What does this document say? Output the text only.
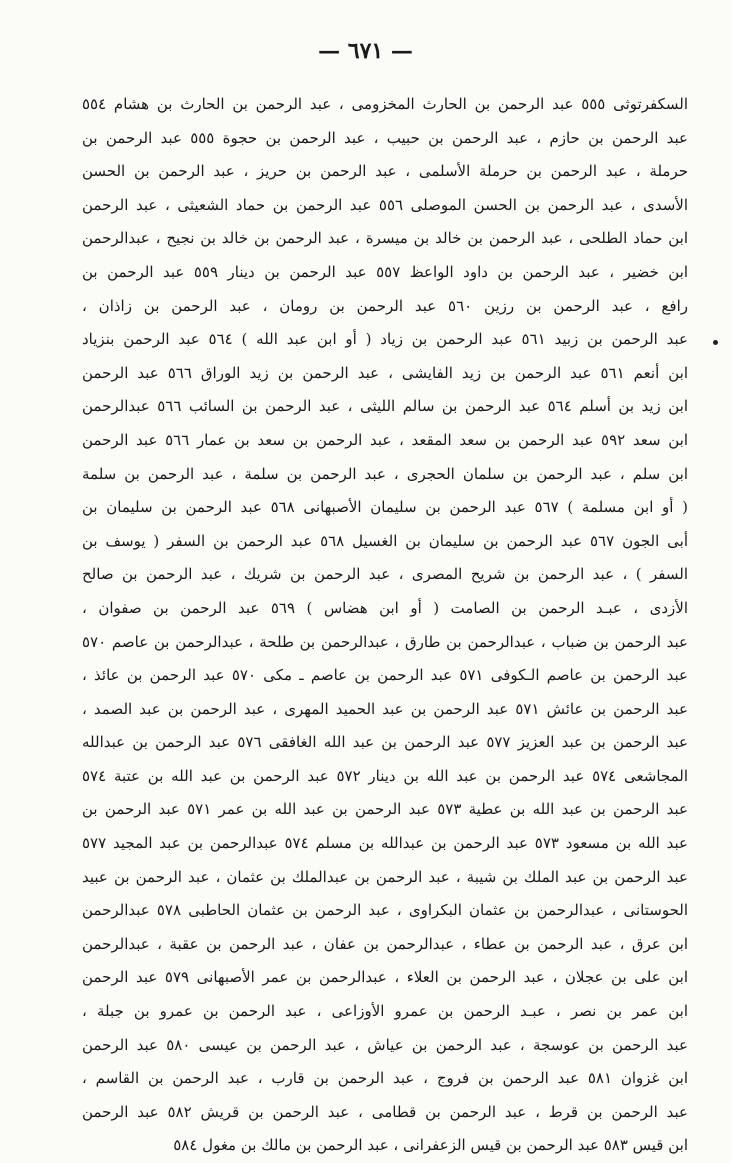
— ٦٧١ —
السكفرتوثى ٥٥٥ عبد الرحمن بن الحارث المخزومى ، عبد الرحمن بن الحارث بن هشام ٥٥٤
عبد الرحمن بن حازم ، عبد الرحمن بن حبيب ، عبد الرحمن بن حجوة ٥٥٥ عبد الرحمن بن
حرملة ، عبد الرحمن بن حرملة الأسلمى ، عبد الرحمن بن حريز ، عبد الرحمن بن الحسن
الأسدى ، عبد الرحمن بن الحسن الموصلى ٥٥٦ عبد الرحمن بن حماد الشعيثى ، عبد الرحمن
ابن حماد الطلحى ، عبد الرحمن بن خالد بن ميسرة ، عبد الرحمن بن خالد بن نجيح ، عبدالرحمن
ابن خضير ، عبد الرحمن بن داود الواعظ ٥٥٧ عبد الرحمن بن دينار ٥٥٩ عبد الرحمن بن
رافع ، عبد الرحمن بن رزين ٥٦٠ عبد الرحمن بن رومان ، عبد الرحمن بن زاذان ،
عبد الرحمن بن زبيد ٥٦١ عبد الرحمن بن زياد ( أو ابن عبد الله ) ٥٦٤ عبد الرحمن بنزياد
ابن أنعم ٥٦١ عبد الرحمن بن زيد الفايشى ، عبد الرحمن بن زيد الوراق ٥٦٦ عبد الرحمن
ابن زيد بن أسلم ٥٦٤ عبد الرحمن بن سالم الليثى ، عبد الرحمن بن السائب ٥٦٦ عبدالرحمن
ابن سعد ٥٩٢ عبد الرحمن بن سعد المقعد ، عبد الرحمن بن سعد بن عمار ٥٦٦ عبد الرحمن
ابن سلم ، عبد الرحمن بن سلمان الحجرى ، عبد الرحمن بن سلمة ، عبد الرحمن بن سلمة
( أو ابن مسلمة ) ٥٦٧ عبد الرحمن بن سليمان الأصبهانى ٥٦٨ عبد الرحمن بن سليمان بن
أبى الجون ٥٦٧ عبد الرحمن بن سليمان بن الغسيل ٥٦٨ عبد الرحمن بن السفر ( يوسف بن
السفر ) ، عبد الرحمن بن شريح المصرى ، عبد الرحمن بن شريك ، عبد الرحمن بن صالح
الأزدى ، عبـد الرحمن بن الصامت ( أو ابن هضاس ) ٥٦٩ عبد الرحمن بن صفوان ،
عبد الرحمن بن ضباب ، عبدالرحمن بن طارق ، عبدالرحمن بن طلحة ، عبدالرحمن بن عاصم ٥٧٠
عبد الرحمن بن عاصم الـكوفى ٥٧١ عبد الرحمن بن عاصم ـ مكى ٥٧٠ عبد الرحمن بن عائذ ،
عبد الرحمن بن عائش ٥٧١ عبد الرحمن بن عبد الحميد المهرى ، عبد الرحمن بن عبد الصمد ،
عبد الرحمن بن عبد العزيز ٥٧٧ عبد الرحمن بن عبد الله الغافقى ٥٧٦ عبد الرحمن بن عبدالله
المجاشعى ٥٧٤ عبد الرحمن بن عبد الله بن دينار ٥٧٢ عبد الرحمن بن عبد الله بن عتبة ٥٧٤
عبد الرحمن بن عبد الله بن عطية ٥٧٣ عبد الرحمن بن عبد الله بن عمر ٥٧١ عبد الرحمن بن
عبد الله بن مسعود ٥٧٣ عبد الرحمن بن عبدالله بن مسلم ٥٧٤ عبدالرحمن بن عبد المجيد ٥٧٧
عبد الرحمن بن عبد الملك بن شيبة ، عبد الرحمن بن عبدالملك بن عثمان ، عبد الرحمن بن عبيد
الحوستانى ، عبدالرحمن بن عثمان البكراوى ، عبد الرحمن بن عثمان الحاطبى ٥٧٨ عبدالرحمن
ابن عرق ، عبد الرحمن بن عطاء ، عبدالرحمن بن عفان ، عبد الرحمن بن عقبة ، عبدالرحمن
ابن على بن عجلان ، عبد الرحمن بن العلاء ، عبدالرحمن بن عمر الأصبهانى ٥٧٩ عبد الرحمن
ابن عمر بن نصر ، عبـد الرحمن بن عمرو الأوزاعى ، عبد الرحمن بن عمرو بن جبلة ،
عبد الرحمن بن عوسجة ، عبد الرحمن بن عياش ، عبد الرحمن بن عيسى ٥٨٠ عبد الرحمن
ابن غزوان ٥٨١ عبد الرحمن بن فروج ، عبد الرحمن بن قارب ، عبد الرحمن بن القاسم ،
عبد الرحمن بن قرط ، عبد الرحمن بن قطامى ، عبد الرحمن بن قريش ٥٨٢ عبد الرحمن
ابن قيس ٥٨٣ عبد الرحمن بن قيس الزعفرانى ، عبد الرحمن بن مالك بن مغول ٥٨٤
